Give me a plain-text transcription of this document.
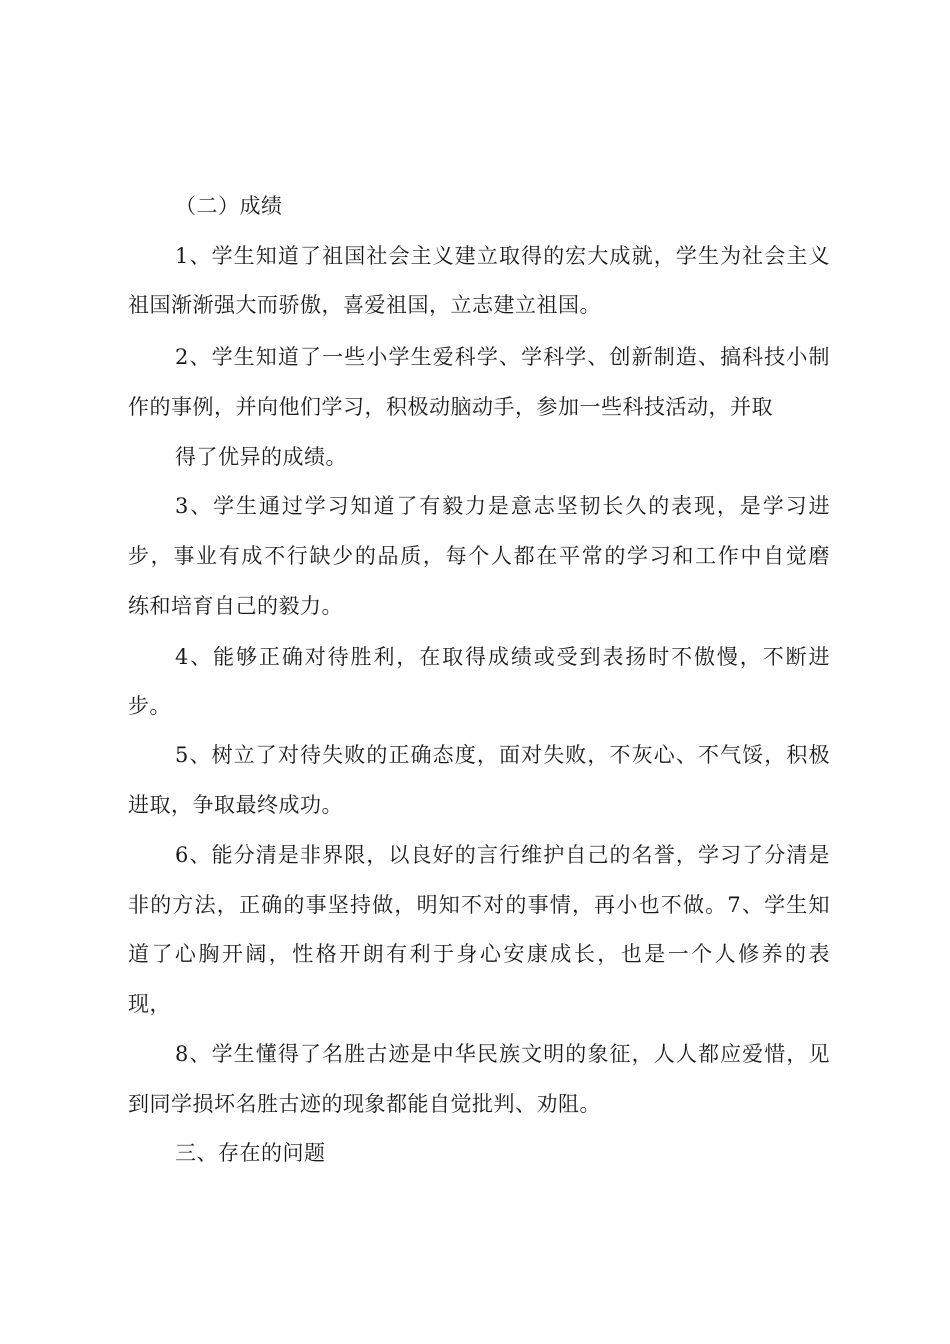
（二）成绩
1、学生知道了祖国社会主义建立取得的宏大成就，学生为社会主义
祖国渐渐强大而骄傲，喜爱祖国，立志建立祖国。
2、学生知道了一些小学生爱科学、学科学、创新制造、搞科技小制
作的事例，并向他们学习，积极动脑动手，参加一些科技活动，并取
得了优异的成绩。
3、学生通过学习知道了有毅力是意志坚韧长久的表现，是学习进
步，事业有成不行缺少的品质，每个人都在平常的学习和工作中自觉磨
练和培育自己的毅力。
4、能够正确对待胜利，在取得成绩或受到表扬时不傲慢，不断进
步。
5、树立了对待失败的正确态度，面对失败，不灰心、不气馁，积极
进取，争取最终成功。
6、能分清是非界限，以良好的言行维护自己的名誉，学习了分清是
非的方法，正确的事坚持做，明知不对的事情，再小也不做。7、学生知
道了心胸开阔，性格开朗有利于身心安康成长，也是一个人修养的表
现，
8、学生懂得了名胜古迹是中华民族文明的象征，人人都应爱惜，见
到同学损坏名胜古迹的现象都能自觉批判、劝阻。
三、存在的问题
